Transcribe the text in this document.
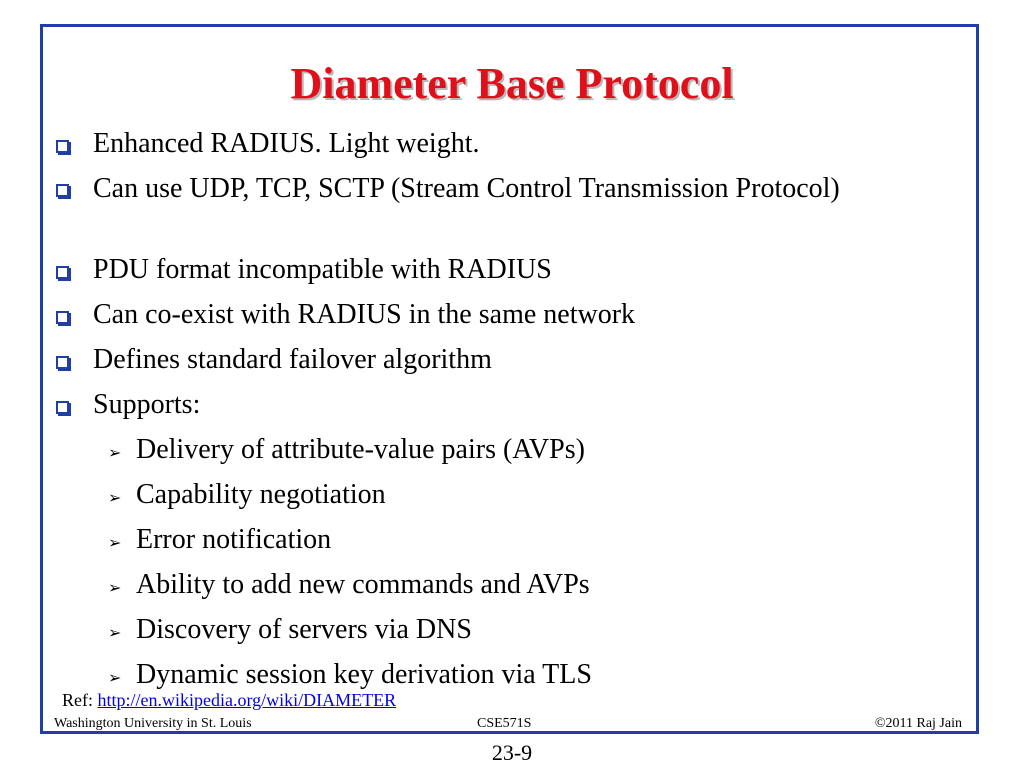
Diameter Base Protocol
Enhanced RADIUS. Light weight.
Can use UDP, TCP, SCTP (Stream Control Transmission Protocol)
PDU format incompatible with RADIUS
Can co-exist with RADIUS in the same network
Defines standard failover algorithm
Supports:
➢ Delivery of attribute-value pairs (AVPs)
➢ Capability negotiation
➢ Error notification
➢ Ability to add new commands and AVPs
➢ Discovery of servers via DNS
➢ Dynamic session key derivation via TLS
Ref: http://en.wikipedia.org/wiki/DIAMETER
Washington University in St. Louis	CSE571S	©2011 Raj Jain
23-9
